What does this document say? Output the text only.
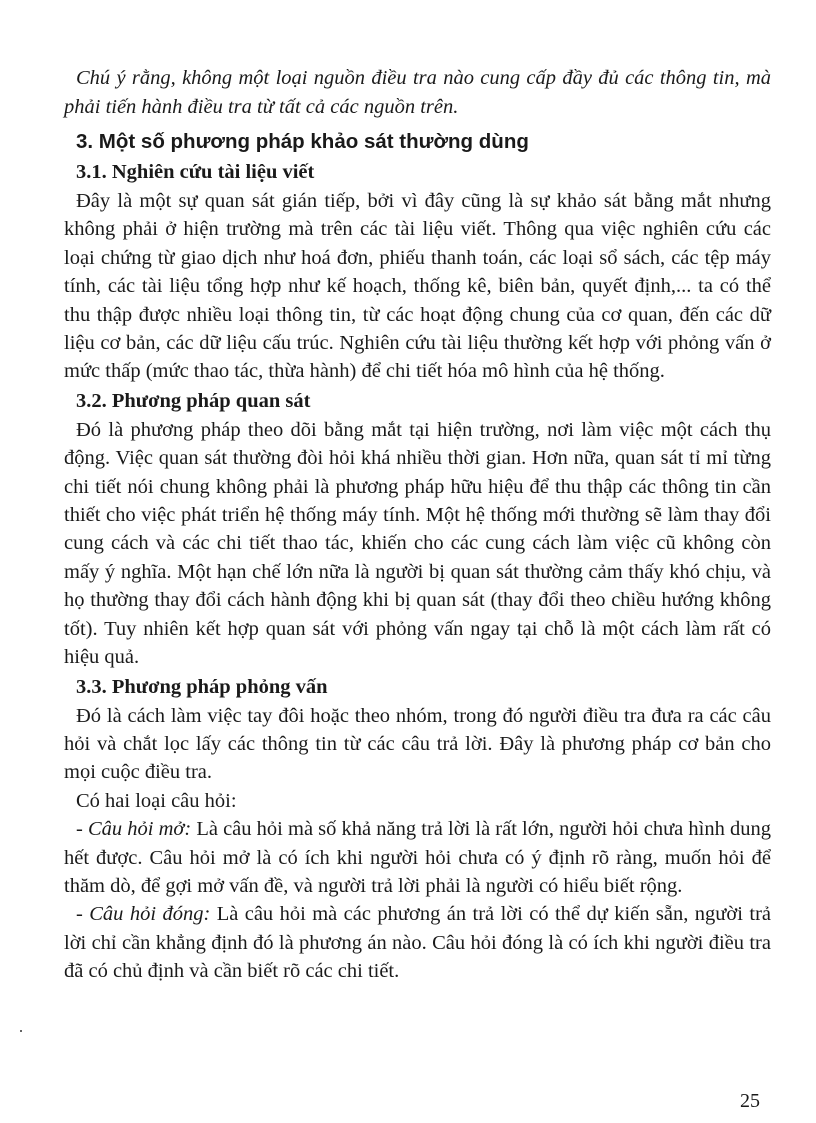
Chú ý rằng, không một loại nguồn điều tra nào cung cấp đầy đủ các thông tin, mà phải tiến hành điều tra từ tất cả các nguồn trên.

3. Một số phương pháp khảo sát thường dùng
3.1. Nghiên cứu tài liệu viết

Đây là một sự quan sát gián tiếp, bởi vì đây cũng là sự khảo sát bằng mắt nhưng không phải ở hiện trường mà trên các tài liệu viết. Thông qua việc nghiên cứu các loại chứng từ giao dịch như hoá đơn, phiếu thanh toán, các loại sổ sách, các tệp máy tính, các tài liệu tổng hợp như kế hoạch, thống kê, biên bản, quyết định,... ta có thể thu thập được nhiều loại thông tin, từ các hoạt động chung của cơ quan, đến các dữ liệu cơ bản, các dữ liệu cấu trúc. Nghiên cứu tài liệu thường kết hợp với phỏng vấn ở mức thấp (mức thao tác, thừa hành) để chi tiết hóa mô hình của hệ thống.

3.2. Phương pháp quan sát

Đó là phương pháp theo dõi bằng mắt tại hiện trường, nơi làm việc một cách thụ động. Việc quan sát thường đòi hỏi khá nhiều thời gian. Hơn nữa, quan sát tỉ mỉ từng chi tiết nói chung không phải là phương pháp hữu hiệu để thu thập các thông tin cần thiết cho việc phát triển hệ thống máy tính. Một hệ thống mới thường sẽ làm thay đổi cung cách và các chi tiết thao tác, khiến cho các cung cách làm việc cũ không còn mấy ý nghĩa. Một hạn chế lớn nữa là người bị quan sát thường cảm thấy khó chịu, và họ thường thay đổi cách hành động khi bị quan sát (thay đổi theo chiều hướng không tốt). Tuy nhiên kết hợp quan sát với phỏng vấn ngay tại chỗ là một cách làm rất có hiệu quả.

3.3. Phương pháp phỏng vấn

Đó là cách làm việc tay đôi hoặc theo nhóm, trong đó người điều tra đưa ra các câu hỏi và chắt lọc lấy các thông tin từ các câu trả lời. Đây là phương pháp cơ bản cho mọi cuộc điều tra.

Có hai loại câu hỏi:

- Câu hỏi mở: Là câu hỏi mà số khả năng trả lời là rất lớn, người hỏi chưa hình dung hết được. Câu hỏi mở là có ích khi người hỏi chưa có ý định rõ ràng, muốn hỏi để thăm dò, để gợi mở vấn đề, và người trả lời phải là người có hiểu biết rộng.

- Câu hỏi đóng: Là câu hỏi mà các phương án trả lời có thể dự kiến sẵn, người trả lời chỉ cần khẳng định đó là phương án nào. Câu hỏi đóng là có ích khi người điều tra đã có chủ định và cần biết rõ các chi tiết.

25
